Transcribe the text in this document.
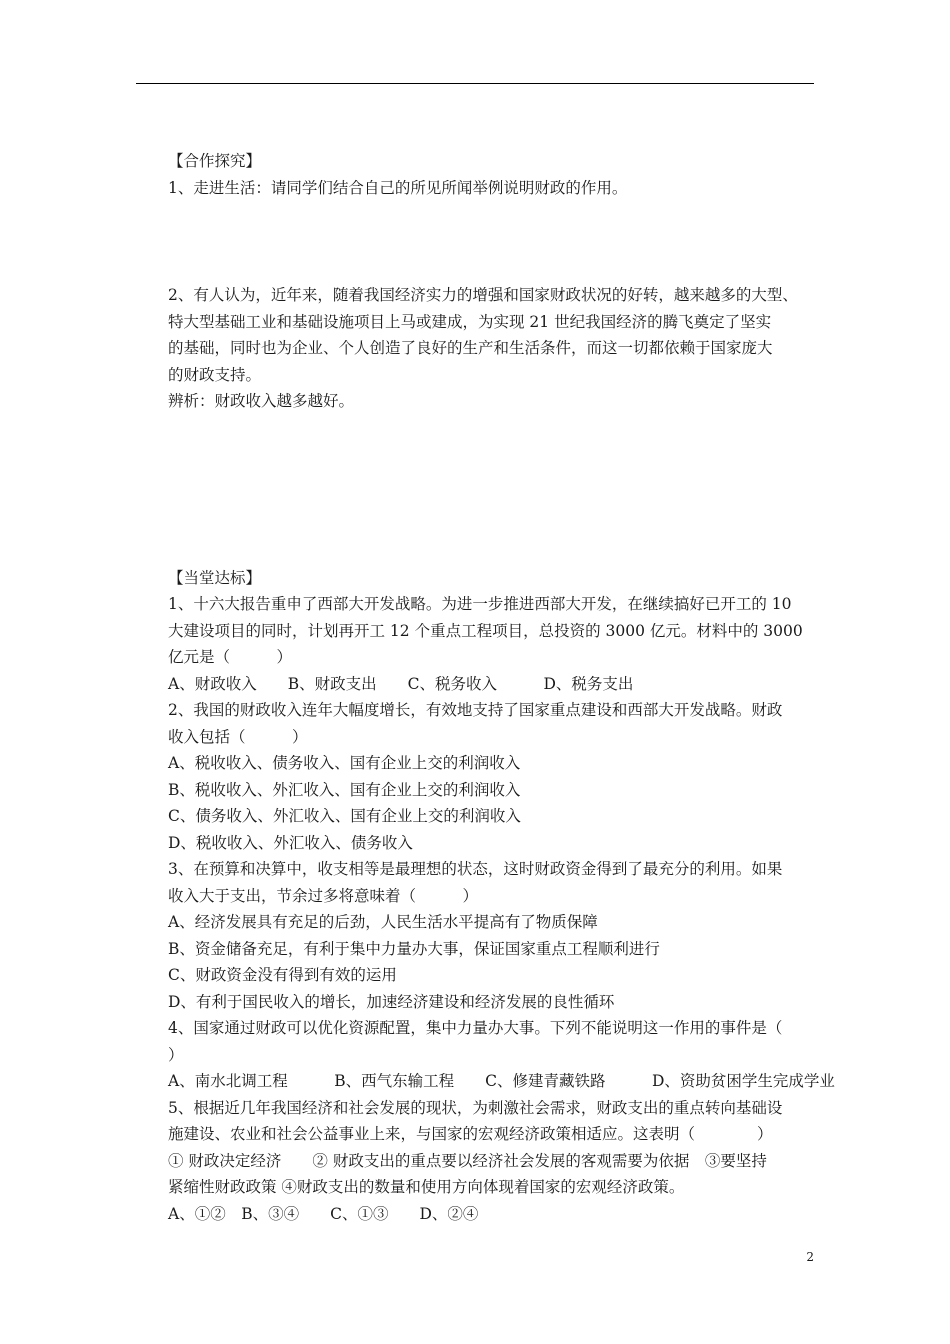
【合作探究】
1、走进生活：请同学们结合自己的所见所闻举例说明财政的作用。
2、有人认为，近年来，随着我国经济实力的增强和国家财政状况的好转，越来越多的大型、
特大型基础工业和基础设施项目上马或建成，为实现 21 世纪我国经济的腾飞奠定了坚实
的基础，同时也为企业、个人创造了良好的生产和生活条件，而这一切都依赖于国家庞大
的财政支持。
辨析：财政收入越多越好。
【当堂达标】
1、十六大报告重申了西部大开发战略。为进一步推进西部大开发，在继续搞好已开工的 10
大建设项目的同时，计划再开工 12 个重点工程项目，总投资的 3000 亿元。材料中的 3000
亿元是（　　　）
A、财政收入　　B、财政支出　　C、税务收入　　　D、税务支出
2、我国的财政收入连年大幅度增长，有效地支持了国家重点建设和西部大开发战略。财政
收入包括（　　　）
A、税收收入、债务收入、国有企业上交的利润收入
B、税收收入、外汇收入、国有企业上交的利润收入
C、债务收入、外汇收入、国有企业上交的利润收入
D、税收收入、外汇收入、债务收入
3、在预算和决算中，收支相等是最理想的状态，这时财政资金得到了最充分的利用。如果
收入大于支出，节余过多将意味着（　　　）
A、经济发展具有充足的后劲，人民生活水平提高有了物质保障
B、资金储备充足，有利于集中力量办大事，保证国家重点工程顺利进行
C、财政资金没有得到有效的运用
D、有利于国民收入的增长，加速经济建设和经济发展的良性循环
4、国家通过财政可以优化资源配置，集中力量办大事。下列不能说明这一作用的事件是（
）
A、南水北调工程　　　B、西气东输工程　　C、修建青藏铁路　　　D、资助贫困学生完成学业
5、根据近几年我国经济和社会发展的现状，为刺激社会需求，财政支出的重点转向基础设
施建设、农业和社会公益事业上来，与国家的宏观经济政策相适应。这表明（　　　　）
① 财政决定经济　　② 财政支出的重点要以经济社会发展的客观需要为依据　③要坚持
紧缩性财政政策 ④财政支出的数量和使用方向体现着国家的宏观经济政策。
A、①②　B、③④　　C、①③　　D、②④
2
